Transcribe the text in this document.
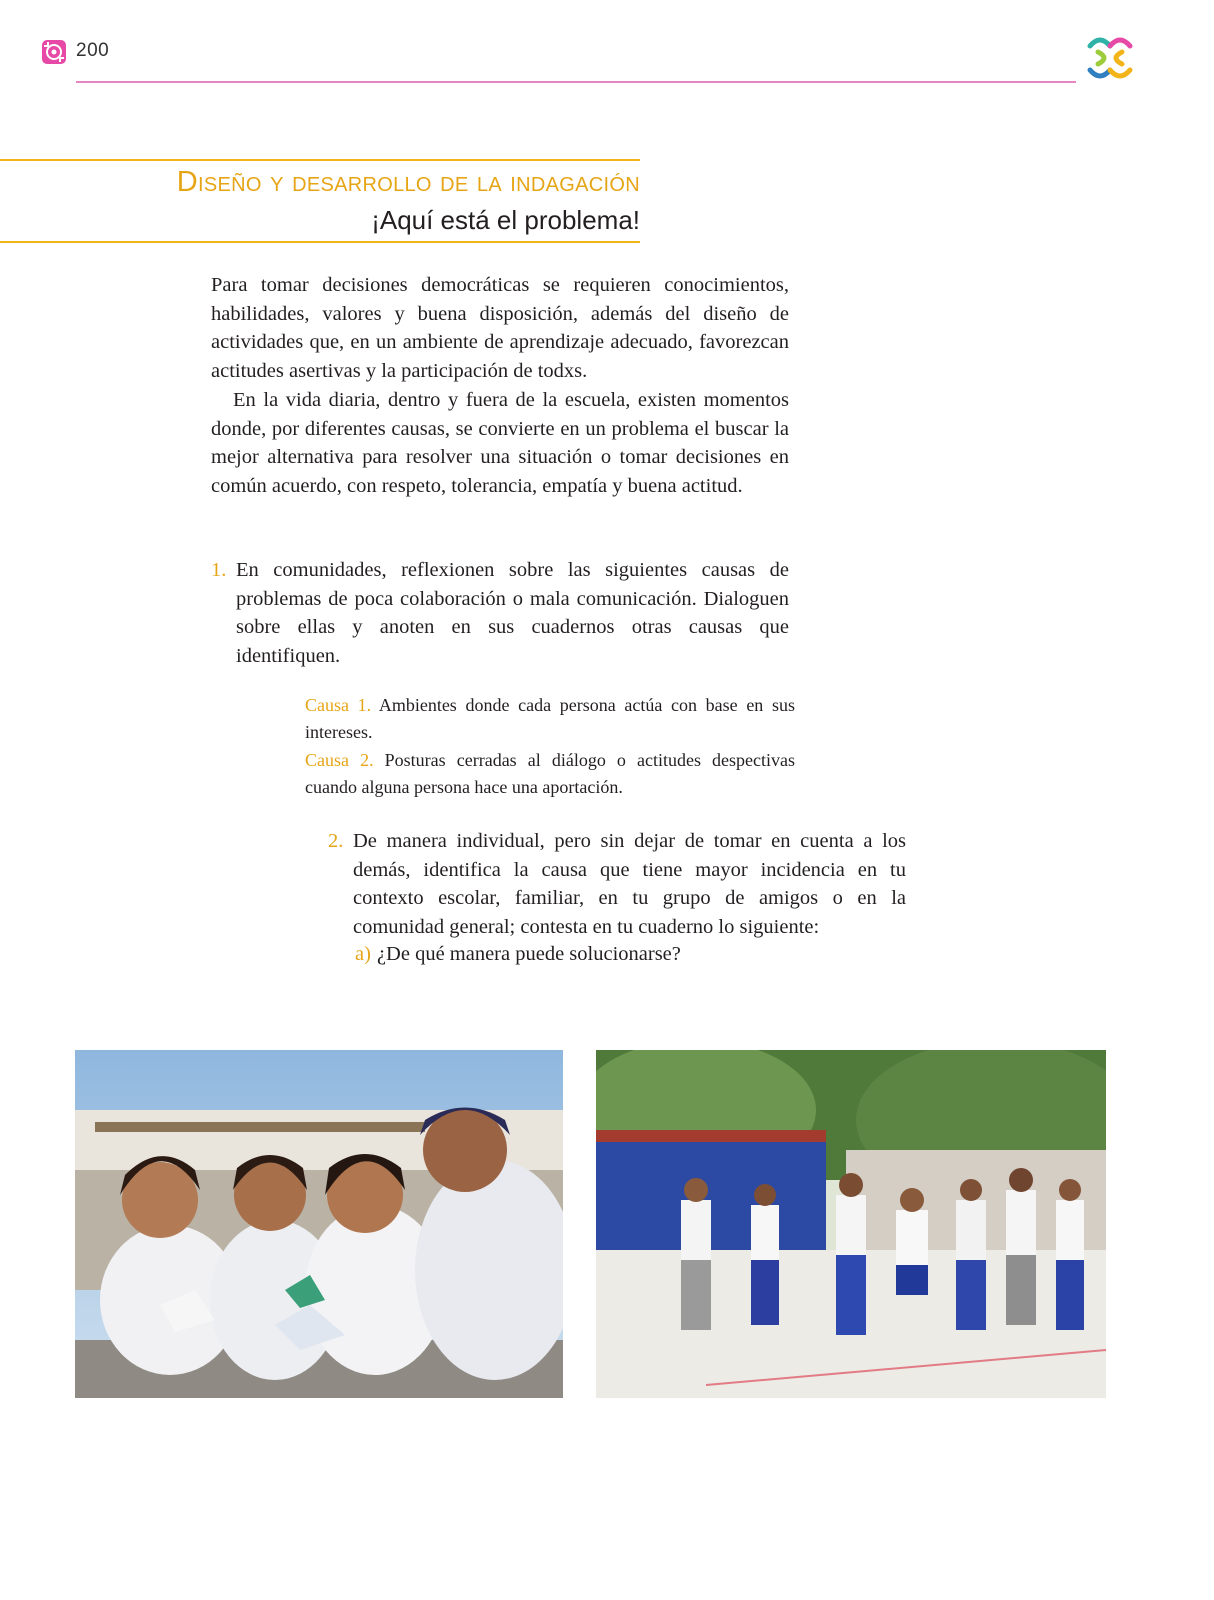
200
Diseño y desarrollo de la indagación
¡Aquí está el problema!

Para tomar decisiones democráticas se requieren conocimientos, habilidades, valores y buena disposición, además del diseño de actividades que, en un ambiente de aprendizaje adecuado, favorezcan actitudes asertivas y la participación de todxs.

En la vida diaria, dentro y fuera de la escuela, existen momentos donde, por diferentes causas, se convierte en un problema el buscar la mejor alternativa para resolver una situación o tomar decisiones en común acuerdo, con respeto, tolerancia, empatía y buena actitud.

1. En comunidades, reflexionen sobre las siguientes causas de problemas de poca colaboración o mala comunicación. Dialoguen sobre ellas y anoten en sus cuadernos otras causas que identifiquen.

Causa 1. Ambientes donde cada persona actúa con base en sus intereses.

Causa 2. Posturas cerradas al diálogo o actitudes despectivas cuando alguna persona hace una aportación.

2. De manera individual, pero sin dejar de tomar en cuenta a los demás, identifica la causa que tiene mayor incidencia en tu contexto escolar, familiar, en tu grupo de amigos o en la comunidad general; contesta en tu cuaderno lo siguiente:

a) ¿De qué manera puede solucionarse?
